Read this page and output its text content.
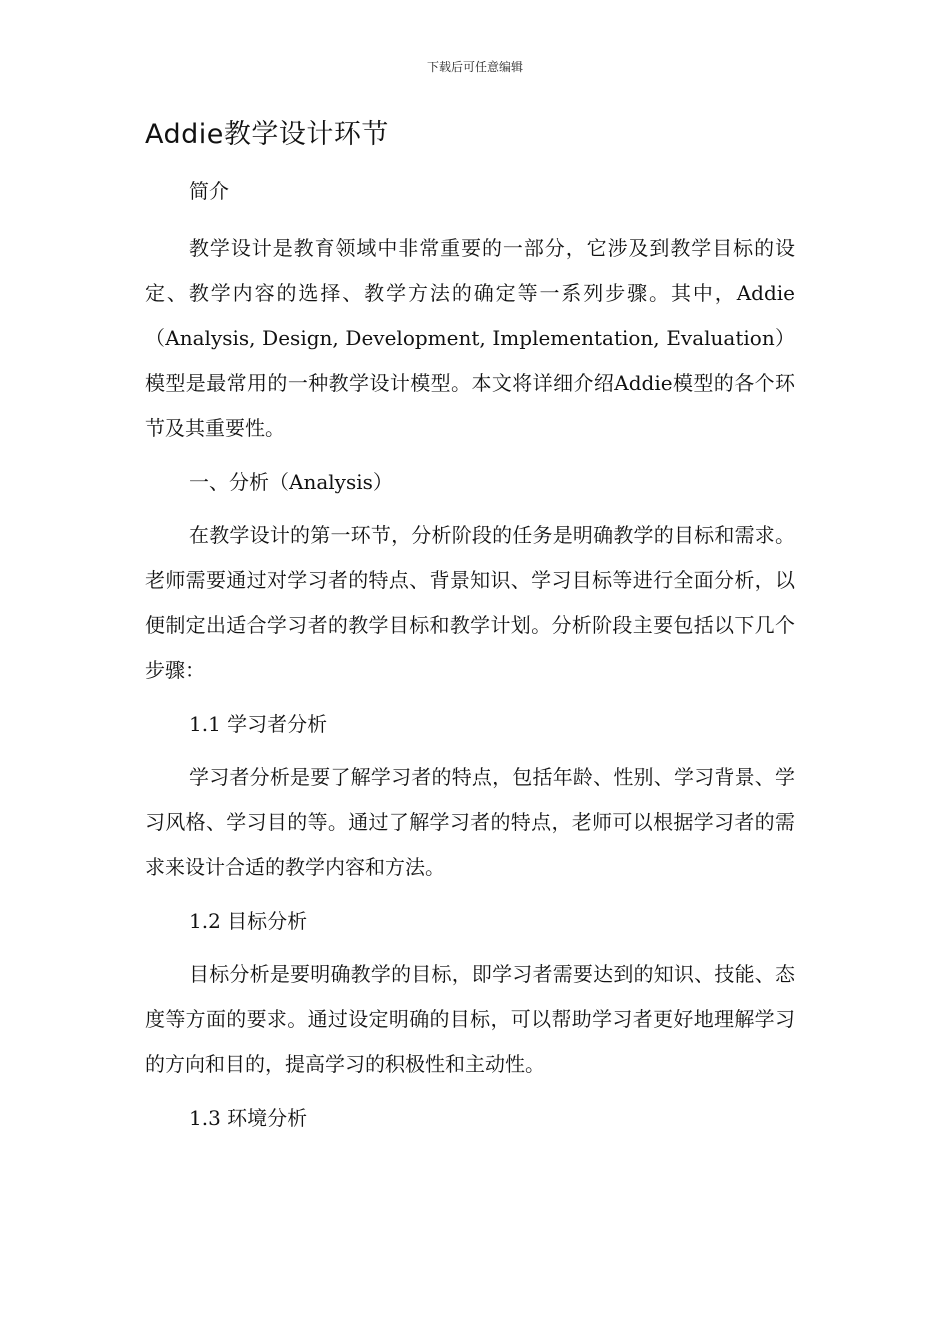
下载后可任意编辑
Addie教学设计环节

简介

教学设计是教育领域中非常重要的一部分，它涉及到教学目标的设定、教学内容的选择、教学方法的确定等一系列步骤。其中，Addie（Analysis, Design, Development, Implementation, Evaluation）模型是最常用的一种教学设计模型。本文将详细介绍Addie模型的各个环节及其重要性。

一、分析（Analysis）

在教学设计的第一环节，分析阶段的任务是明确教学的目标和需求。老师需要通过对学习者的特点、背景知识、学习目标等进行全面分析，以便制定出适合学习者的教学目标和教学计划。分析阶段主要包括以下几个步骤：

1.1 学习者分析

学习者分析是要了解学习者的特点，包括年龄、性别、学习背景、学习风格、学习目的等。通过了解学习者的特点，老师可以根据学习者的需求来设计合适的教学内容和方法。

1.2 目标分析

目标分析是要明确教学的目标，即学习者需要达到的知识、技能、态度等方面的要求。通过设定明确的目标，可以帮助学习者更好地理解学习的方向和目的，提高学习的积极性和主动性。

1.3 环境分析
